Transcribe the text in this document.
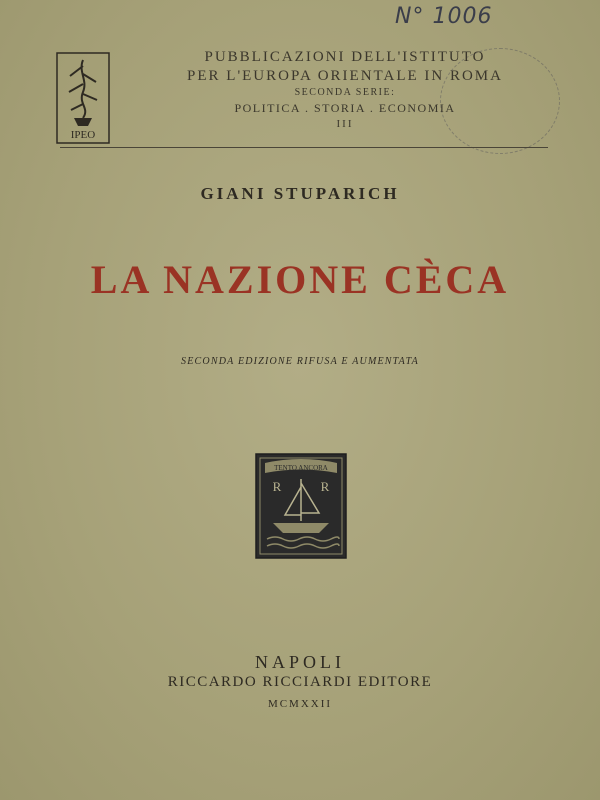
N° 1006
IPEO
PUBBLICAZIONI DELL'ISTITUTO
PER L'EUROPA ORIENTALE IN ROMA
SECONDA SERIE:
POLITICA . STORIA . ECONOMIA
III
GIANI STUPARICH
LA NAZIONE CÈCA
SECONDA EDIZIONE RIFUSA E AUMENTATA
TENTO ANCORA
R	R
NAPOLI
RICCARDO RICCIARDI EDITORE
MCMXXII
